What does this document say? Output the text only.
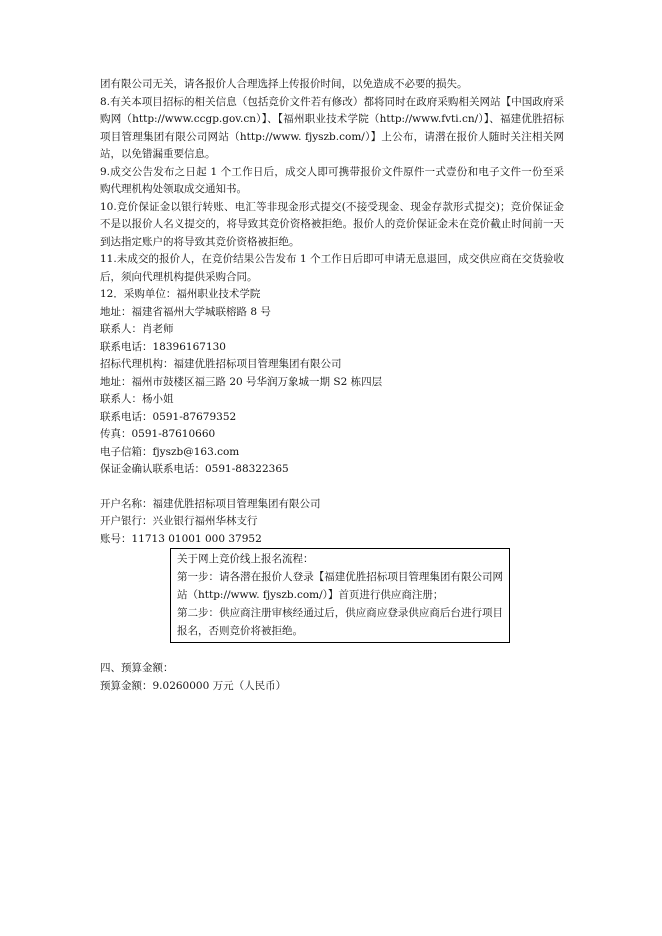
团有限公司无关，请各报价人合理选择上传报价时间，以免造成不必要的损失。

8.有关本项目招标的相关信息（包括竞价文件若有修改）都将同时在政府采购相关网站【中国政府采购网（http://www.ccgp.gov.cn）】、【福州职业技术学院（http://www.fvti.cn/）】、福建优胜招标项目管理集团有限公司网站（http://www. fjyszb.com/）】上公布，请潜在报价人随时关注相关网站，以免错漏重要信息。

9.成交公告发布之日起 1 个工作日后，成交人即可携带报价文件原件一式壹份和电子文件一份至采购代理机构处领取成交通知书。

10.竞价保证金以银行转账、电汇等非现金形式提交(不接受现金、现金存款形式提交)；竞价保证金不是以报价人名义提交的，将导致其竞价资格被拒绝。报价人的竞价保证金未在竞价截止时间前一天到达指定账户的将导致其竞价资格被拒绝。

11.未成交的报价人，在竞价结果公告发布 1 个工作日后即可申请无息退回，成交供应商在交货验收后，须向代理机构提供采购合同。

12．采购单位：福州职业技术学院

地址：福建省福州大学城联榕路 8 号

联系人：肖老师

联系电话：18396167130

招标代理机构：福建优胜招标项目管理集团有限公司

地址：福州市鼓楼区福三路 20 号华润万象城一期 S2 栋四层

联系人：杨小姐

联系电话：0591-87679352

传真：0591-87610660

电子信箱：fjyszb@163.com

保证金确认联系电话：0591-88322365

开户名称：福建优胜招标项目管理集团有限公司

开户银行：兴业银行福州华林支行

账号：11713 01001 000 37952

关于网上竞价线上报名流程：

第一步：请各潜在报价人登录【福建优胜招标项目管理集团有限公司网站（http://www. fjyszb.com/）】首页进行供应商注册；

第二步：供应商注册审核经通过后，供应商应登录供应商后台进行项目报名，否则竞价将被拒绝。

四、预算金额：

预算金额：9.0260000 万元（人民币）
